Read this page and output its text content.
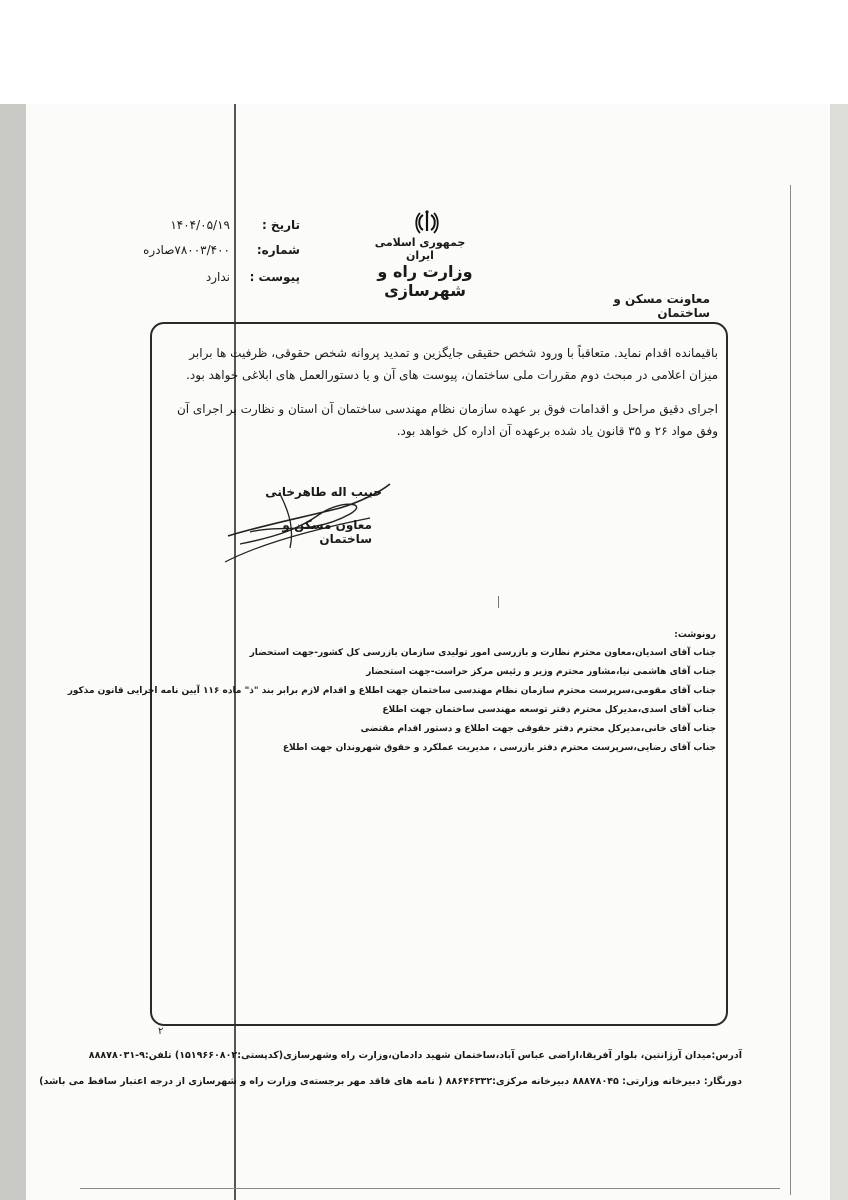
جمهوری اسلامی ایران
وزارت راه و شهرسازی	معاونت مسکن و ساختمان
تاریخ :
۱۴۰۴/۰۵/۱۹
شماره:
۷۸۰۰۳/۴۰۰صادره
پیوست :
ندارد
باقیمانده اقدام نماید. متعاقباً با ورود شخص حقیقی جایگزین و تمدید پروانه شخص حقوقی، ظرفیت ها برابر میزان اعلامی در مبحث دوم مقررات ملی ساختمان، پیوست های آن و یا دستورالعمل های ابلاغی خواهد بود.
اجرای دقیق مراحل و اقدامات فوق بر عهده سازمان نظام مهندسی ساختمان آن استان و نظارت بر اجرای آن وفق مواد ۲۶ و ۳۵ قانون یاد شده برعهده آن اداره کل خواهد بود.
حبیب اله طاهرخانی
معاون مسکن و ساختمان
رونوشت:
جناب آقای اسدیان،معاون محترم نظارت و بازرسی امور تولیدی سازمان بازرسی کل کشور-جهت استحضار
جناب آقای هاشمی نیا،مشاور محترم وزیر و رئیس مرکز حراست-جهت استحضار
جناب آقای مقومی،سرپرست محترم سازمان نظام مهندسی ساختمان جهت اطلاع و اقدام لازم برابر بند "ذ" ماده ۱۱۶ آیین نامه اجرایی قانون مذکور
جناب آقای اسدی،مدیرکل محترم دفتر توسعه مهندسی ساختمان جهت اطلاع
جناب آقای خانی،مدیرکل محترم دفتر حقوقی جهت اطلاع و دستور اقدام مقتضی
جناب آقای رضایی،سرپرست محترم دفتر بازرسی ، مدیریت عملکرد و حقوق شهروندان جهت اطلاع
۲
آدرس:میدان آرژانتین، بلوار آفریقا،اراضی عباس آباد،ساختمان شهید دادمان،وزارت راه وشهرسازی(کدپستی:۱۵۱۹۶۶۰۸۰۲) تلفن:۹-۸۸۸۷۸۰۳۱
دورنگار: دبیرخانه وزارتی: ۸۸۸۷۸۰۴۵ دبیرخانه مرکزی:۸۸۶۴۶۳۳۲ ( نامه های فاقد مهر برجسته‌ی وزارت راه و شهرسازی از درجه اعتبار ساقط می باشد)
